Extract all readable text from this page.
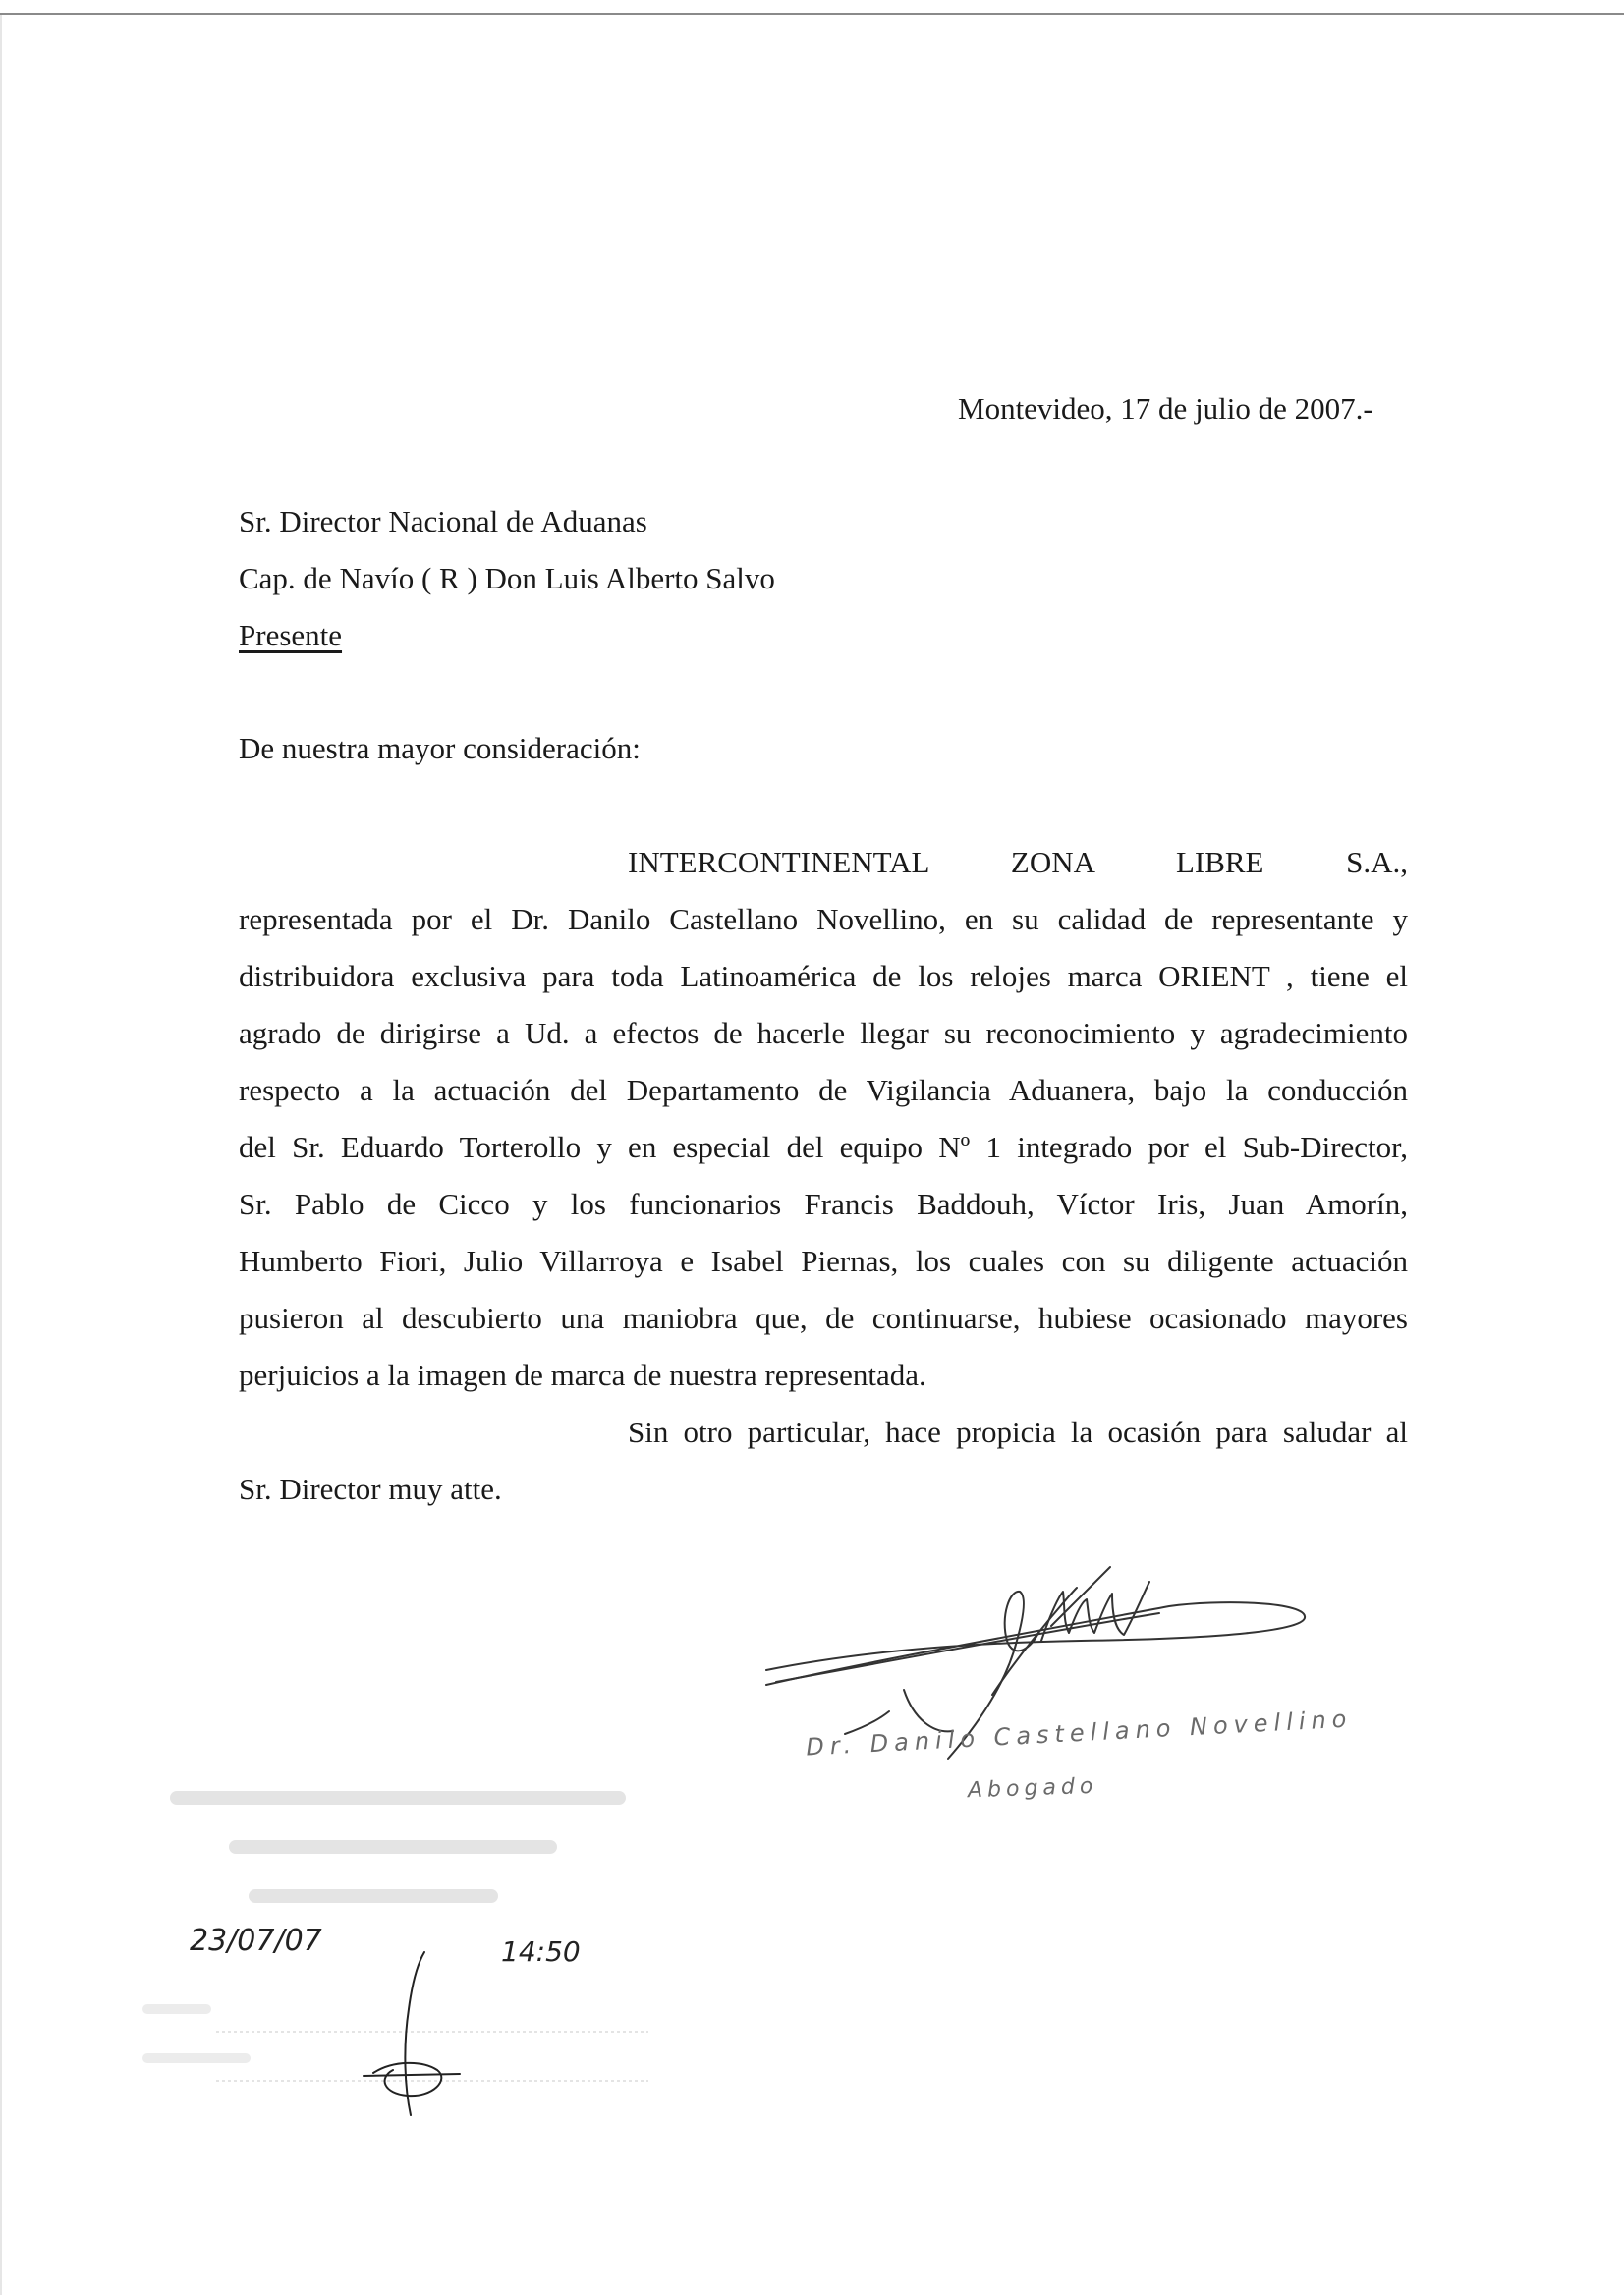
Montevideo, 17 de julio de 2007.-
Sr. Director Nacional de Aduanas
Cap. de Navío ( R ) Don Luis Alberto Salvo
Presente
De nuestra mayor consideración:
INTERCONTINENTAL ZONA LIBRE S.A.,
representada por el Dr. Danilo Castellano Novellino, en su calidad de representante y
distribuidora exclusiva para toda Latinoamérica de los relojes marca ORIENT , tiene el
agrado de dirigirse a Ud. a efectos de hacerle llegar su reconocimiento y agradecimiento
respecto a la actuación del Departamento de Vigilancia Aduanera, bajo la conducción
del Sr. Eduardo Torterollo y en especial del equipo Nº 1 integrado por el Sub-Director,
Sr. Pablo de Cicco y los funcionarios Francis Baddouh, Víctor Iris, Juan Amorín,
Humberto Fiori, Julio Villarroya e Isabel Piernas, los cuales con su diligente actuación
pusieron al descubierto una maniobra que, de continuarse, hubiese ocasionado mayores
perjuicios a la imagen de marca de nuestra representada.
Sin otro particular, hace propicia la ocasión para saludar al
Sr. Director muy atte.
Dr. Danilo Castellano Novellino
Abogado
23/07/07	14:50
